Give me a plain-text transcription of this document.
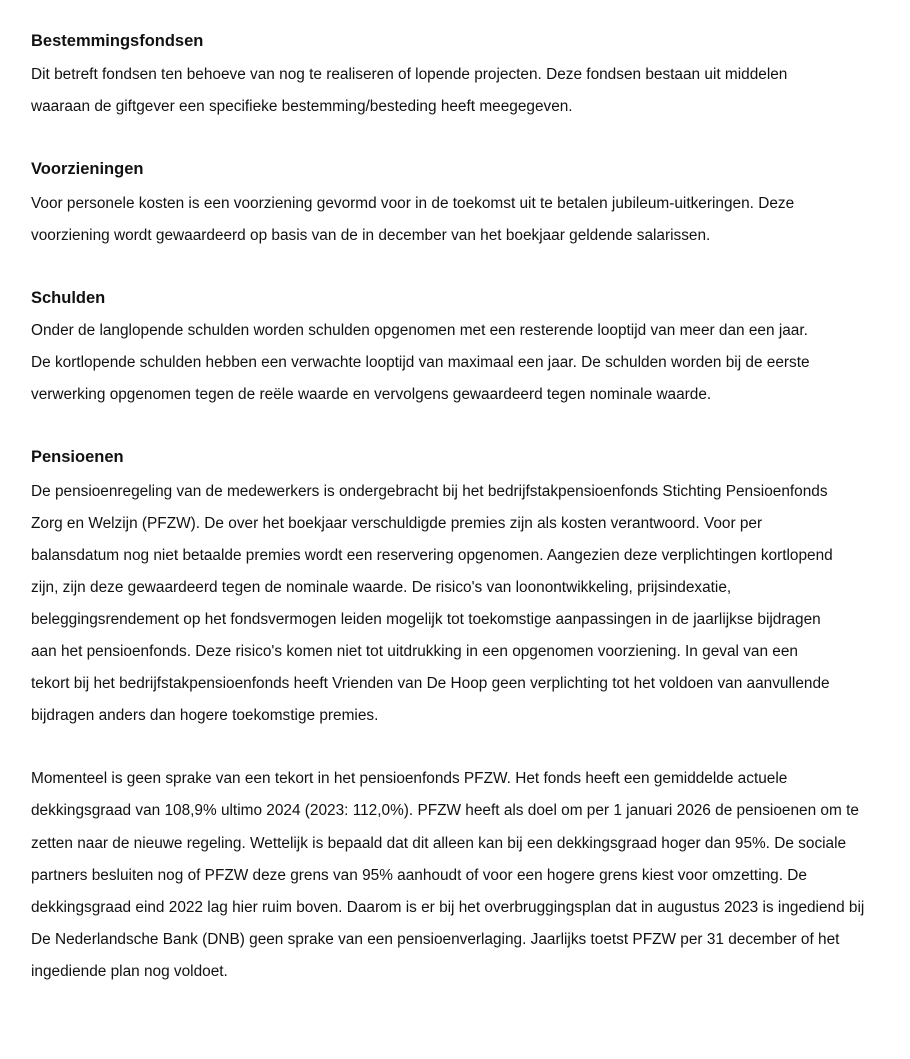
Bestemmingsfondsen

Dit betreft fondsen ten behoeve van nog te realiseren of lopende projecten. Deze fondsen bestaan uit middelen

waaraan de giftgever een specifieke bestemming/besteding heeft meegegeven.

Voorzieningen

Voor personele kosten is een voorziening gevormd voor in de toekomst uit te betalen jubileum-uitkeringen. Deze

voorziening wordt gewaardeerd op basis van de in december van het boekjaar geldende salarissen.

Schulden

Onder de langlopende schulden worden schulden opgenomen met een resterende looptijd van meer dan een jaar.

De kortlopende schulden hebben een verwachte looptijd van maximaal een jaar. De schulden worden bij de eerste

verwerking opgenomen tegen de reële waarde en vervolgens gewaardeerd tegen nominale waarde.

Pensioenen

De pensioenregeling van de medewerkers is ondergebracht bij het bedrijfstakpensioenfonds Stichting Pensioenfonds

Zorg en Welzijn (PFZW). De over het boekjaar verschuldigde premies zijn als kosten verantwoord. Voor per

balansdatum nog niet betaalde premies wordt een reservering opgenomen. Aangezien deze verplichtingen kortlopend

zijn, zijn deze gewaardeerd tegen de nominale waarde. De risico's van loonontwikkeling, prijsindexatie,

beleggingsrendement op het fondsvermogen leiden mogelijk tot toekomstige aanpassingen in de jaarlijkse bijdragen

aan het pensioenfonds. Deze risico's komen niet tot uitdrukking in een opgenomen voorziening. In geval van een

tekort bij het bedrijfstakpensioenfonds heeft Vrienden van De Hoop geen verplichting tot het voldoen van aanvullende

bijdragen anders dan hogere toekomstige premies.

Momenteel is geen sprake van een tekort in het pensioenfonds PFZW. Het fonds heeft een gemiddelde actuele

dekkingsgraad van 108,9% ultimo 2024 (2023: 112,0%). PFZW heeft als doel om per 1 januari 2026 de pensioenen om te

zetten naar de nieuwe regeling. Wettelijk is bepaald dat dit alleen kan bij een dekkingsgraad hoger dan 95%. De sociale

partners besluiten nog of PFZW deze grens van 95% aanhoudt of voor een hogere grens kiest voor omzetting. De

dekkingsgraad eind 2022 lag hier ruim boven. Daarom is er bij het overbruggingsplan dat in augustus 2023 is ingediend bij

De Nederlandsche Bank (DNB) geen sprake van een pensioenverlaging. Jaarlijks toetst PFZW per 31 december of het

ingediende plan nog voldoet.
